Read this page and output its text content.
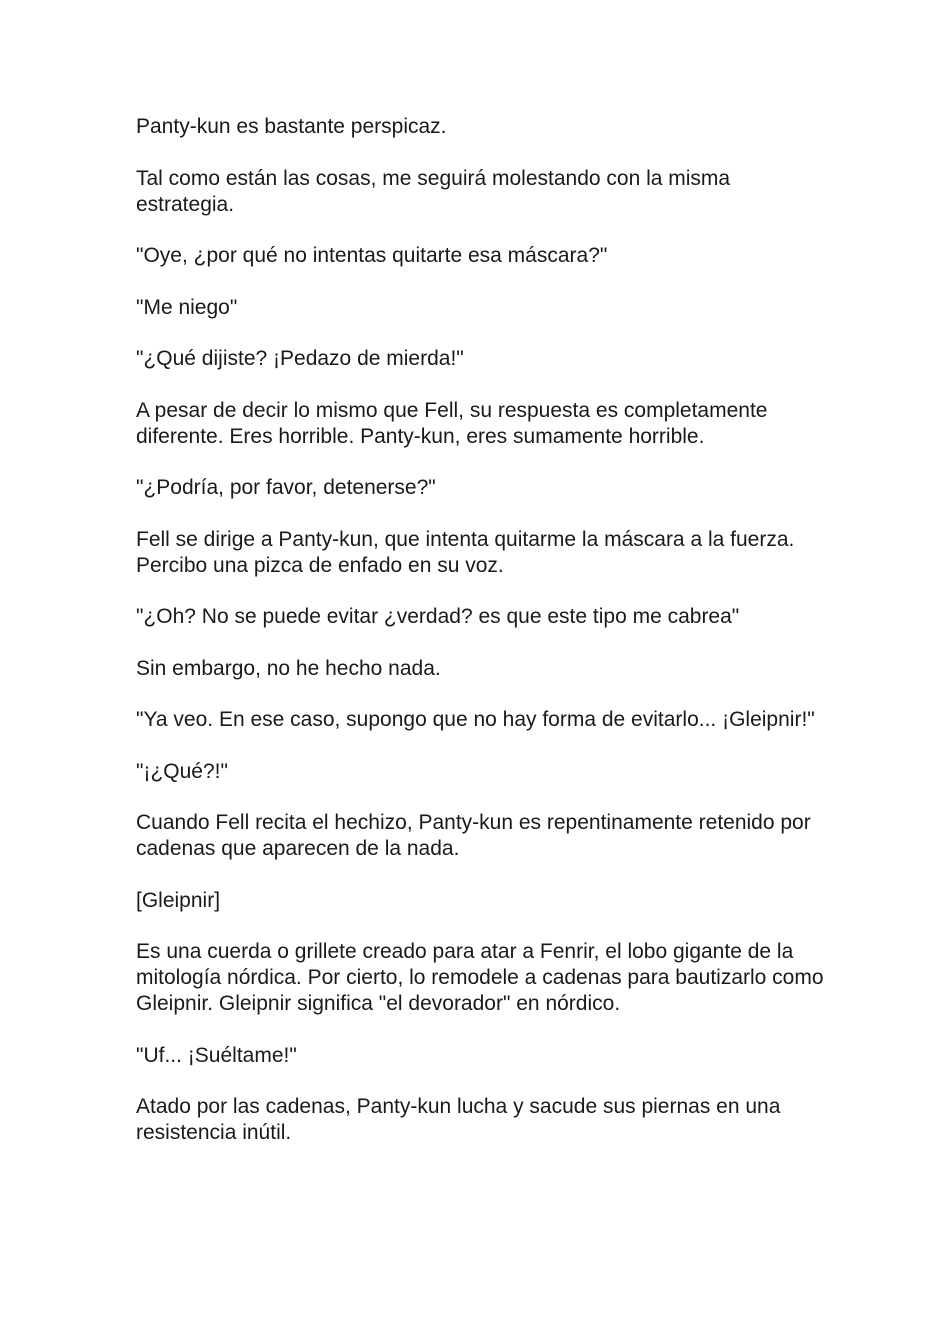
Panty-kun es bastante perspicaz.

Tal como están las cosas, me seguirá molestando con la misma estrategia.

"Oye, ¿por qué no intentas quitarte esa máscara?"

"Me niego"

"¿Qué dijiste? ¡Pedazo de mierda!"

A pesar de decir lo mismo que Fell, su respuesta es completamente diferente. Eres horrible. Panty-kun, eres sumamente horrible.

"¿Podría, por favor, detenerse?"

Fell se dirige a Panty-kun, que intenta quitarme la máscara a la fuerza. Percibo una pizca de enfado en su voz.

"¿Oh? No se puede evitar ¿verdad? es que este tipo me cabrea"

Sin embargo, no he hecho nada.

"Ya veo. En ese caso, supongo que no hay forma de evitarlo... ¡Gleipnir!"

"¡¿Qué?!"

Cuando Fell recita el hechizo, Panty-kun es repentinamente retenido por cadenas que aparecen de la nada.

[Gleipnir]

Es una cuerda o grillete creado para atar a Fenrir, el lobo gigante de la mitología nórdica. Por cierto, lo remodele a cadenas para bautizarlo como Gleipnir. Gleipnir significa "el devorador" en nórdico.

"Uf... ¡Suéltame!"

Atado por las cadenas, Panty-kun lucha y sacude sus piernas en una resistencia inútil.
